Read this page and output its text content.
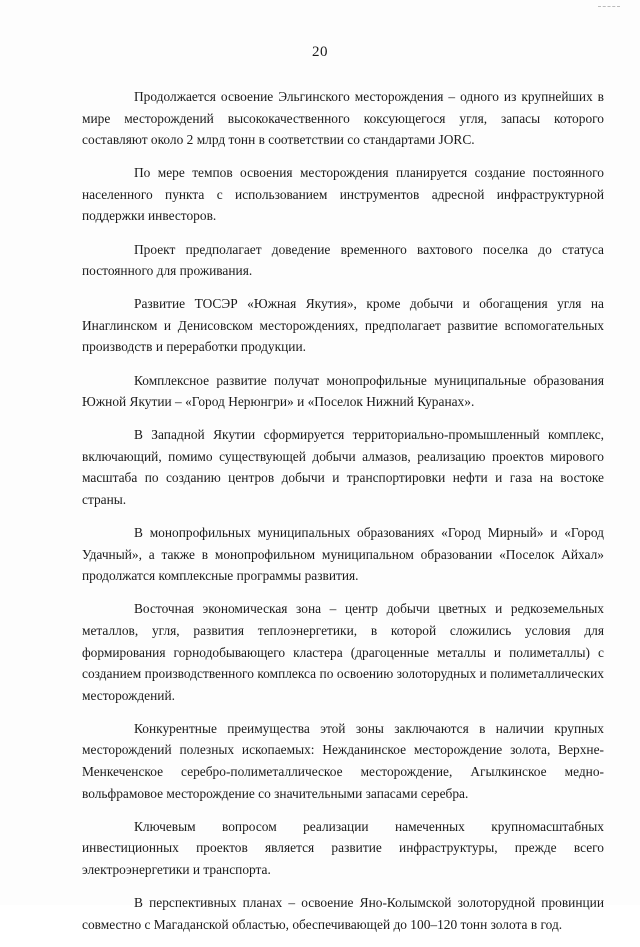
20

Продолжается освоение Эльгинского месторождения – одного из крупнейших в мире месторождений высококачественного коксующегося угля, запасы которого составляют около 2 млрд тонн в соответствии со стандартами JORC.

По мере темпов освоения месторождения планируется создание постоянного населенного пункта с использованием инструментов адресной инфраструктурной поддержки инвесторов.

Проект предполагает доведение временного вахтового поселка до статуса постоянного для проживания.

Развитие ТОСЭР «Южная Якутия», кроме добычи и обогащения угля на Инаглинском и Денисовском месторождениях, предполагает развитие вспомогательных производств и переработки продукции.

Комплексное развитие получат монопрофильные муниципальные образования Южной Якутии – «Город Нерюнгри» и «Поселок Нижний Куранах».

В Западной Якутии сформируется территориально-промышленный комплекс, включающий, помимо существующей добычи алмазов, реализацию проектов мирового масштаба по созданию центров добычи и транспортировки нефти и газа на востоке страны.

В монопрофильных муниципальных образованиях «Город Мирный» и «Город Удачный», а также в монопрофильном муниципальном образовании «Поселок Айхал» продолжатся комплексные программы развития.

Восточная экономическая зона – центр добычи цветных и редкоземельных металлов, угля, развития теплоэнергетики, в которой сложились условия для формирования горнодобывающего кластера (драгоценные металлы и полиметаллы) с созданием производственного комплекса по освоению золоторудных и полиметаллических месторождений.

Конкурентные преимущества этой зоны заключаются в наличии крупных месторождений полезных ископаемых: Нежданинское месторождение золота, Верхне-Менкеченское серебро-полиметаллическое месторождение, Агылкинское медно-вольфрамовое месторождение со значительными запасами серебра.

Ключевым вопросом реализации намеченных крупномасштабных инвестиционных проектов является развитие инфраструктуры, прежде всего электроэнергетики и транспорта.

В перспективных планах – освоение Яно-Колымской золоторудной провинции совместно с Магаданской областью, обеспечивающей до 100–120 тонн золота в год.
